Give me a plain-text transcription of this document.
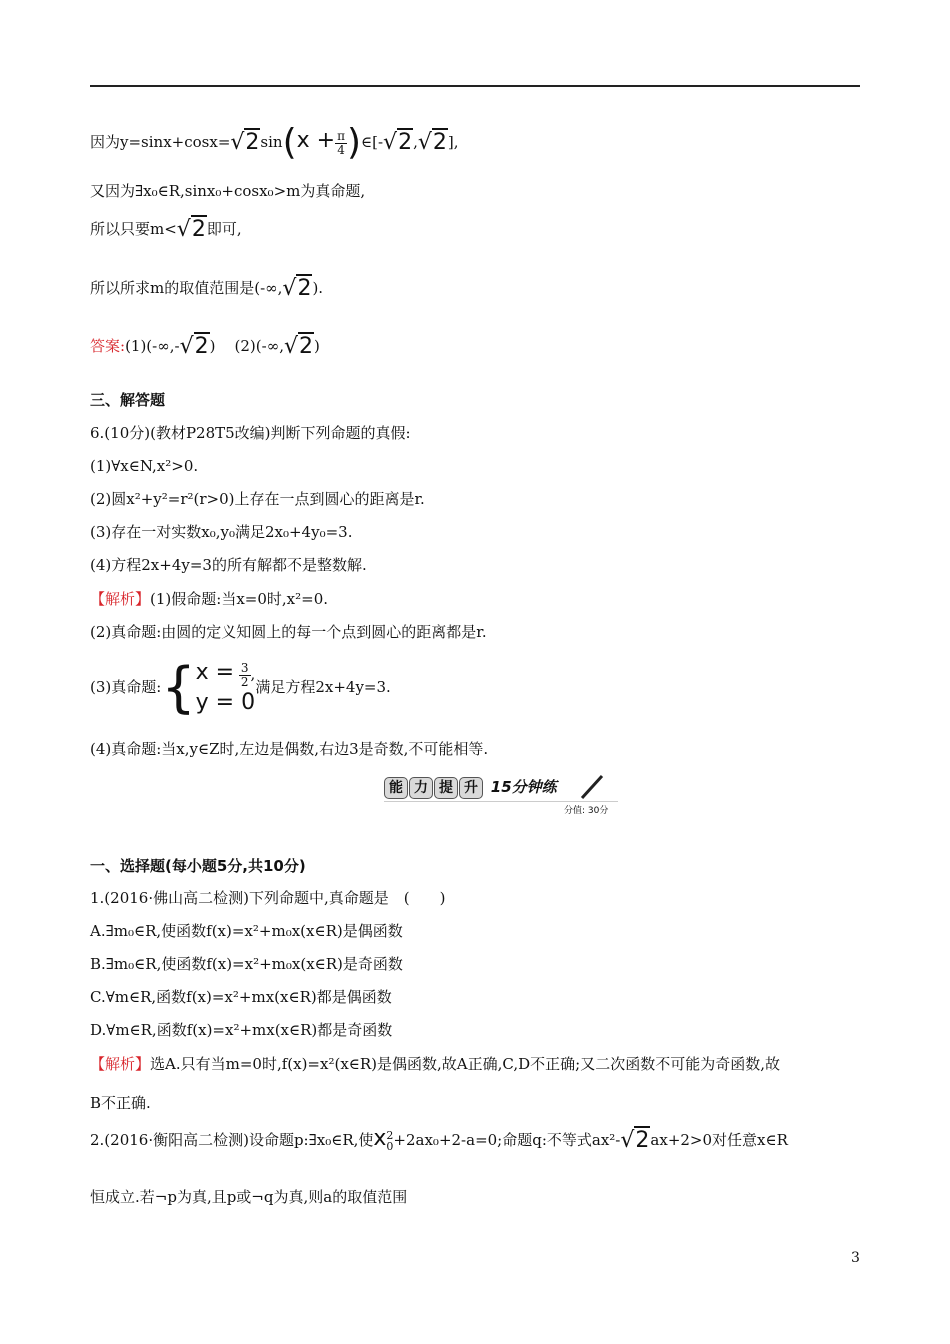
因为$y=\sin x+\cos x=√2\sin(x + \frac{\pi}{4}$ )∈[-√2,√2],
又因为∃x₀∈R,sinx₀+cosx₀>m为真命题,
所以只要m<√2即可,
所以所求m的取值范围是(-∞,√2).
答案:(1)(-∞,-√2) (2)(-∞,√2)
三、解答题
6.(10分)(教材P28T5改编)判断下列命题的真假:
(1)∀x∈N,x²>0.
(2)圆x²+y²=r²(r>0)上存在一点到圆心的距离是r.
(3)存在一对实数x₀,y₀满足2x₀+4y₀=3.
(4)方程2x+4y=3的所有解都不是整数解.
【解析】(1)假命题:当x=0时,x²=0.
(2)真命题:由圆的定义知圆上的每一个点到圆心的距离都是r.
(3)真命题:{ $x = \frac{3}{2}$ ,
y = 0
满足方程2x+4y=3.
(4)真命题:当x,y∈Z时,左边是偶数,右边3是奇数,不可能相等.
能 力 提 升 15分钟练
分值: 30分
一、选择题(每小题5分,共10分)
1.(2016·佛山高二检测)下列命题中,真命题是　(　　)
A.∃m₀∈R,使函数f(x)=x²+m₀x(x∈R)是偶函数
B.∃m₀∈R,使函数f(x)=x²+m₀x(x∈R)是奇函数
C.∀m∈R,函数f(x)=x²+mx(x∈R)都是偶函数
D.∀m∈R,函数f(x)=x²+mx(x∈R)都是奇函数
【解析】选A.只有当m=0时,f(x)=x²(x∈R)是偶函数,故A正确,C,D不正确;又二次函数不可能为奇函数,故
B不正确.
2.(2016·衡阳高二检测)设命题p:∃x₀∈R,使x 2
0 +2ax₀+2-a=0;命题q:不等式ax²-√2ax+2>0对任意x∈R
恒成立.若¬p为真,且p或¬q为真,则a的取值范围
3
